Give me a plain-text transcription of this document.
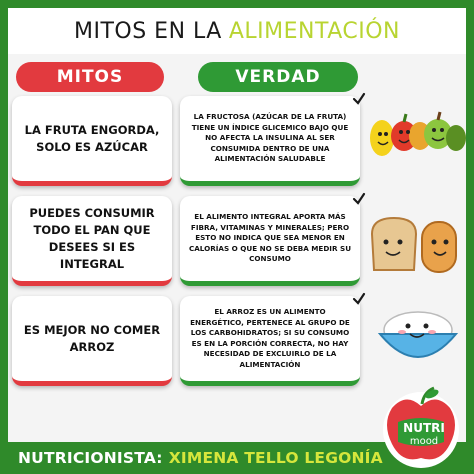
MITOS EN LA ALIMENTACIÓN
MITOS	VERDAD
LA FRUTA ENGORDA, SOLO ES AZÚCAR
LA FRUCTOSA (AZÚCAR DE LA FRUTA) TIENE UN ÍNDICE GLICEMICO BAJO QUE NO AFECTA LA INSULINA AL SER CONSUMIDA DENTRO DE UNA ALIMENTACIÓN SALUDABLE
PUEDES CONSUMIR TODO EL PAN QUE DESEES SI ES INTEGRAL
EL ALIMENTO INTEGRAL APORTA MÁS FIBRA, VITAMINAS Y MINERALES; PERO ESTO NO INDICA QUE SEA MENOR EN CALORÍAS O QUE NO SE DEBA MEDIR SU CONSUMO
ES MEJOR NO COMER ARROZ
EL ARROZ ES UN ALIMENTO ENERGÉTICO, PERTENECE AL GRUPO DE LOS CARBOHIDRATOS; SI SU CONSUMO ES EN LA PORCIÓN CORRECTA, NO HAY NECESIDAD DE EXCLUIRLO DE LA ALIMENTACIÓN
NUTRICIONISTA: XIMENA TELLO LEGONÍA
NUTRI
mood
